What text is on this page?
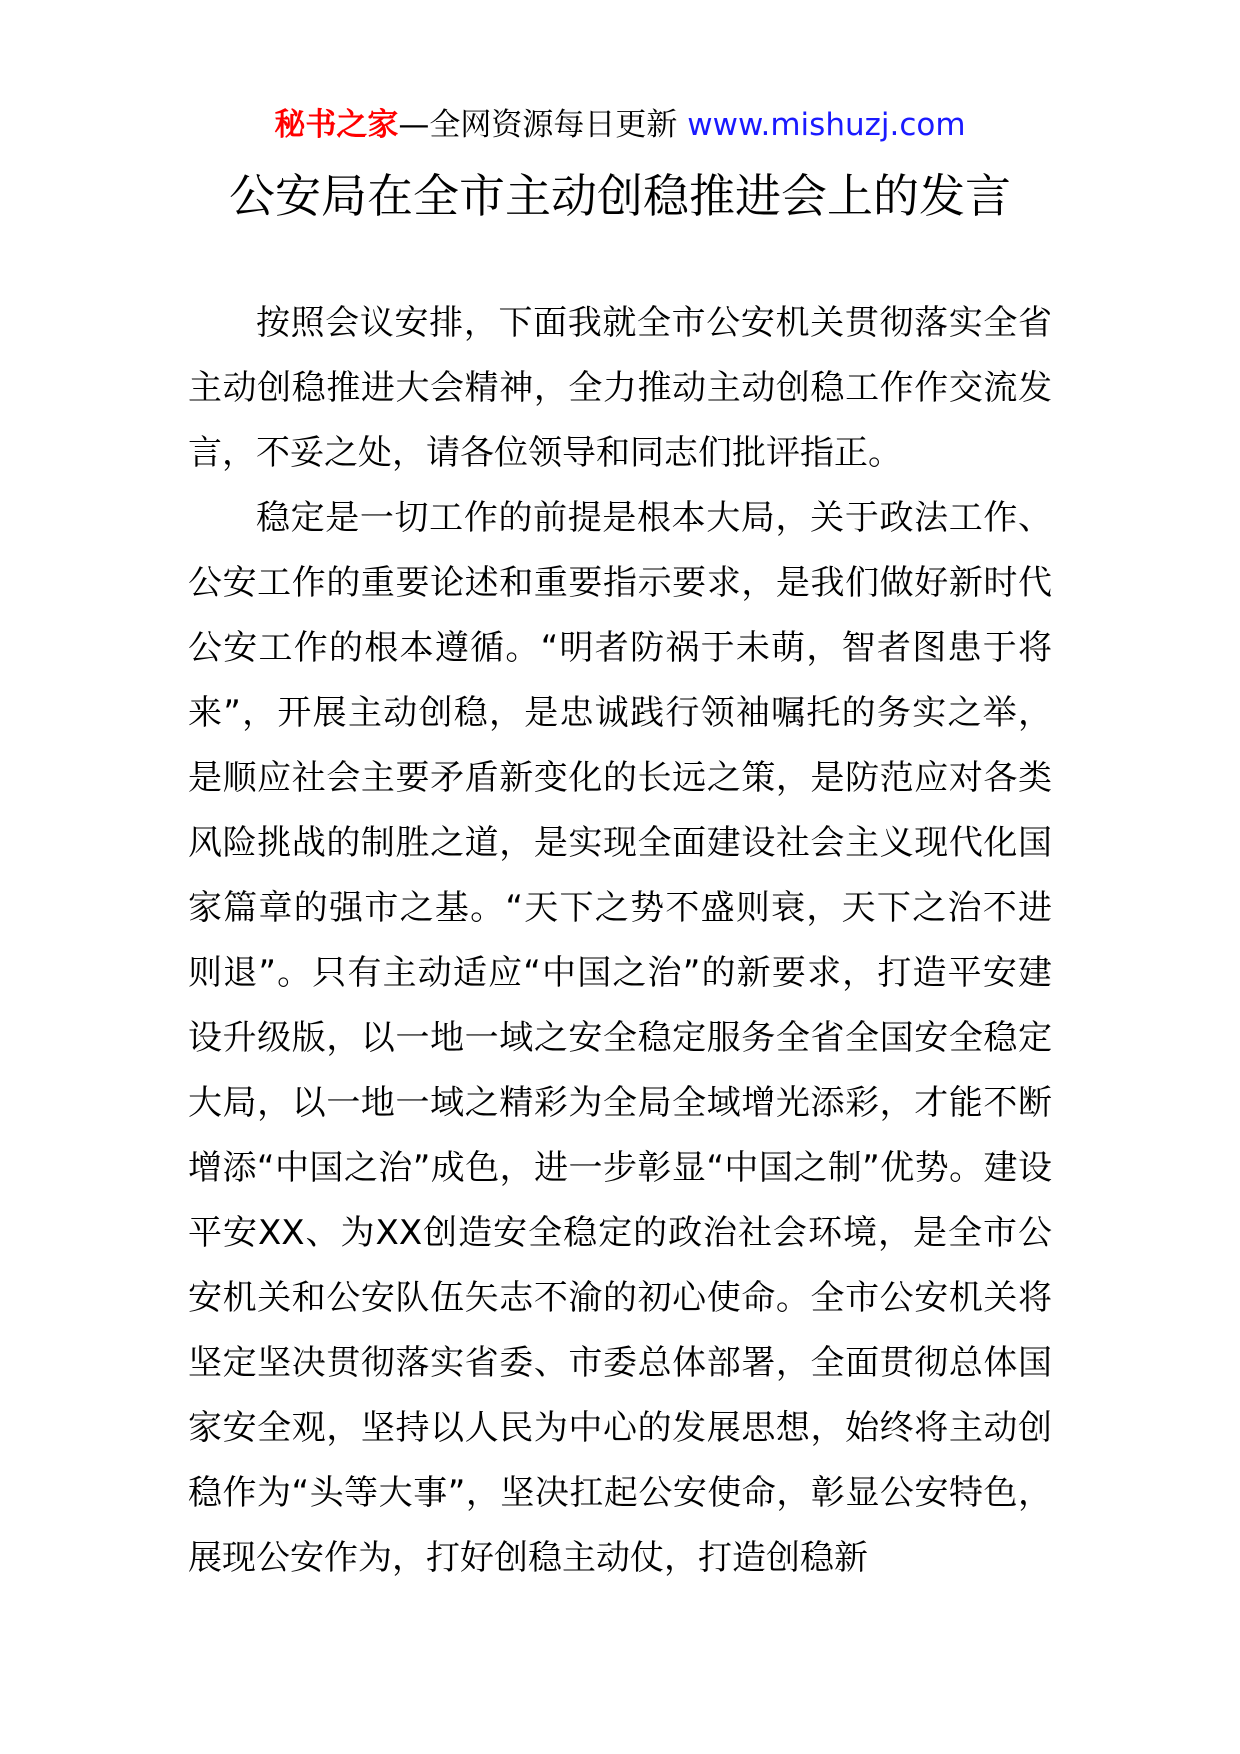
秘书之家—全网资源每日更新 www.mishuzj.com
公安局在全市主动创稳推进会上的发言

按照会议安排，下面我就全市公安机关贯彻落实全省主动创稳推进大会精神，全力推动主动创稳工作作交流发言，不妥之处，请各位领导和同志们批评指正。

稳定是一切工作的前提是根本大局，关于政法工作、公安工作的重要论述和重要指示要求，是我们做好新时代公安工作的根本遵循。“明者防祸于未萌，智者图患于将来”，开展主动创稳，是忠诚践行领袖嘱托的务实之举，是顺应社会主要矛盾新变化的长远之策，是防范应对各类风险挑战的制胜之道，是实现全面建设社会主义现代化国家篇章的强市之基。“天下之势不盛则衰，天下之治不进则退”。只有主动适应“中国之治”的新要求，打造平安建设升级版，以一地一域之安全稳定服务全省全国安全稳定大局，以一地一域之精彩为全局全域增光添彩，才能不断增添“中国之治”成色，进一步彰显“中国之制”优势。建设平安XX、为XX创造安全稳定的政治社会环境，是全市公安机关和公安队伍矢志不渝的初心使命。全市公安机关将坚定坚决贯彻落实省委、市委总体部署，全面贯彻总体国家安全观，坚持以人民为中心的发展思想，始终将主动创稳作为“头等大事”，坚决扛起公安使命，彰显公安特色，展现公安作为，打好创稳主动仗，打造创稳新
